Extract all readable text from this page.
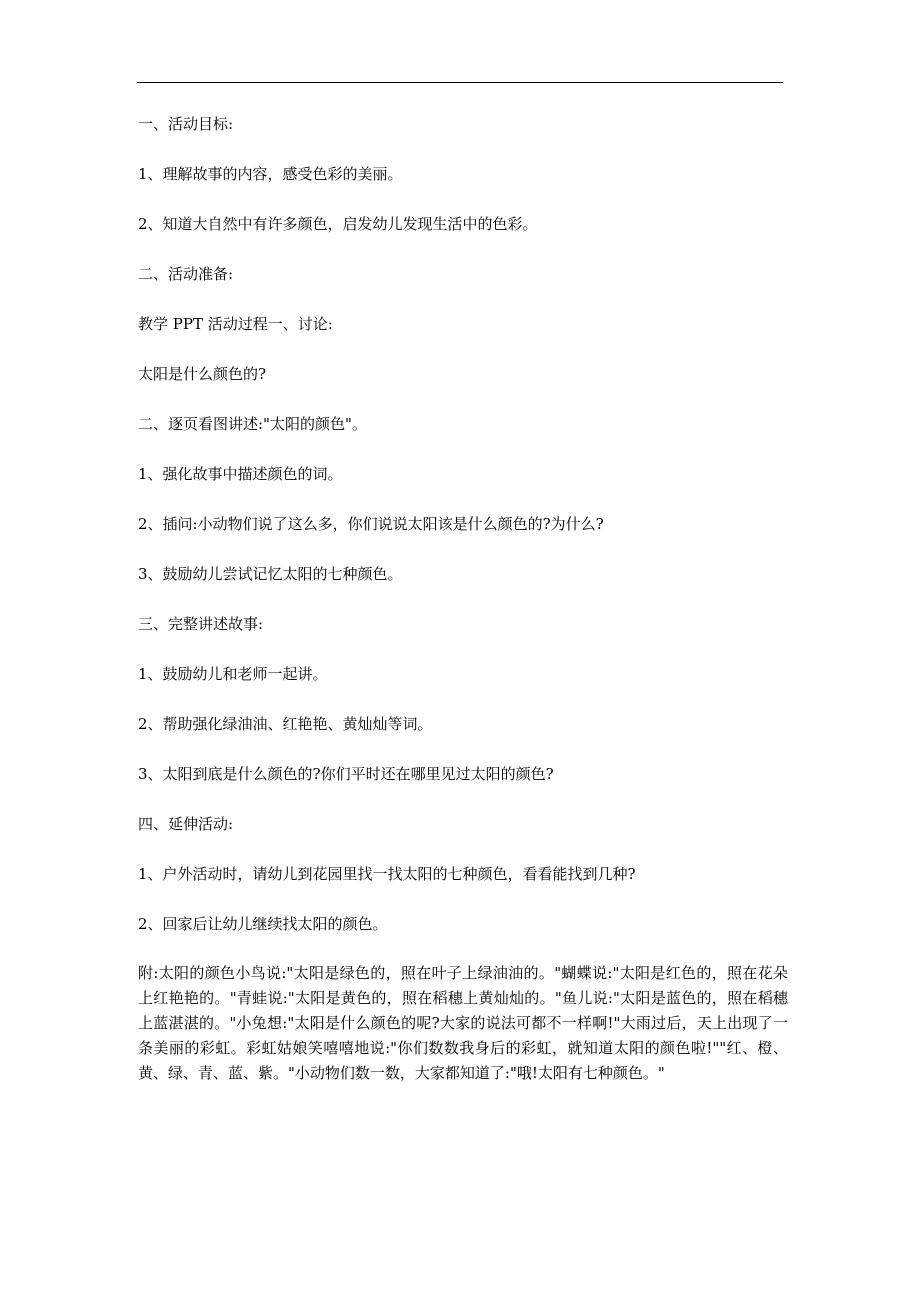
一、活动目标:

1、理解故事的内容，感受色彩的美丽。

2、知道大自然中有许多颜色，启发幼儿发现生活中的色彩。

二、活动准备:

教学 PPT 活动过程一、讨论:

太阳是什么颜色的?

二、逐页看图讲述:"太阳的颜色"。

1、强化故事中描述颜色的词。

2、插问:小动物们说了这么多，你们说说太阳该是什么颜色的?为什么?

3、鼓励幼儿尝试记忆太阳的七种颜色。

三、完整讲述故事:

1、鼓励幼儿和老师一起讲。

2、帮助强化绿油油、红艳艳、黄灿灿等词。

3、太阳到底是什么颜色的?你们平时还在哪里见过太阳的颜色?

四、延伸活动:

1、户外活动时，请幼儿到花园里找一找太阳的七种颜色，看看能找到几种?

2、回家后让幼儿继续找太阳的颜色。

附:太阳的颜色小鸟说:"太阳是绿色的，照在叶子上绿油油的。"蝴蝶说:"太阳是红色的，照在花朵上红艳艳的。"青蛙说:"太阳是黄色的，照在稻穗上黄灿灿的。"鱼儿说:"太阳是蓝色的，照在稻穗上蓝湛湛的。"小兔想:"太阳是什么颜色的呢?大家的说法可都不一样啊!"大雨过后，天上出现了一条美丽的彩虹。彩虹姑娘笑嘻嘻地说:"你们数数我身后的彩虹，就知道太阳的颜色啦!""红、橙、黄、绿、青、蓝、紫。"小动物们数一数，大家都知道了:"哦!太阳有七种颜色。"
